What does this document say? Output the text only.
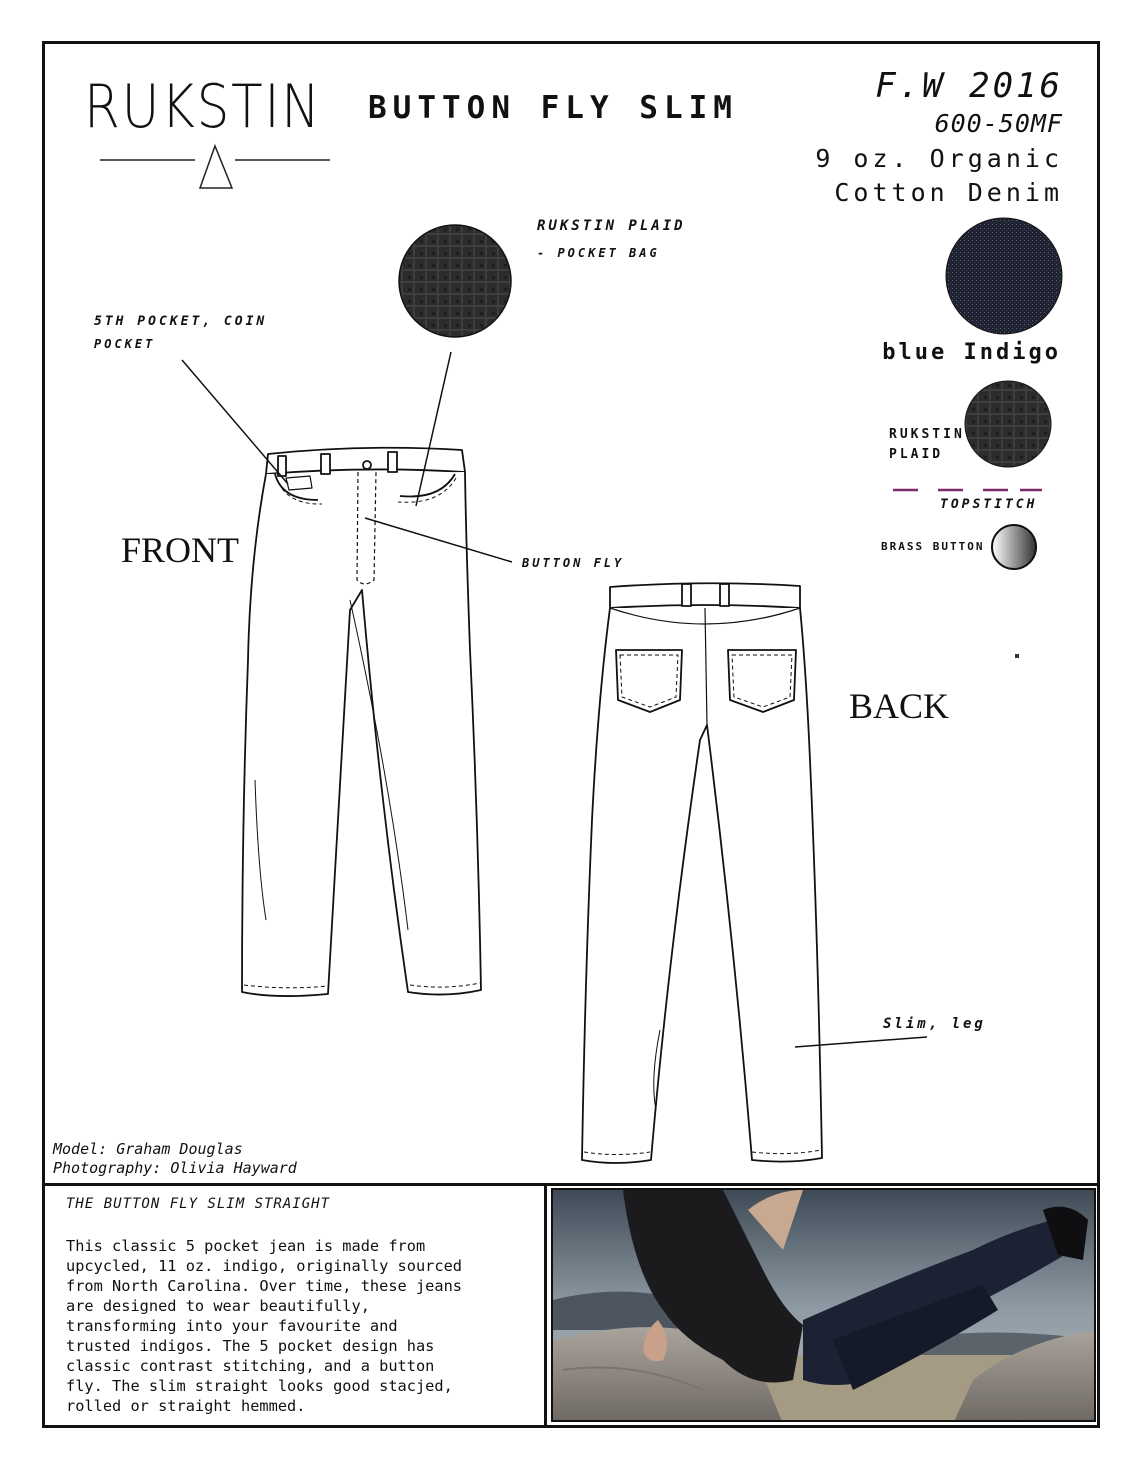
RUKSTIN BUTTON FLY SLIM
F.W 2016
600-50MF
9 oz. Organic
Cotton Denim
RUKSTIN PLAID
- POCKET BAG
5TH POCKET, COIN
POCKET
BUTTON FLY
Slim, leg
FRONT
BACK
blue Indigo
RUKSTIN
PLAID
TOPSTITCH
BRASS BUTTON
Model: Graham Douglas
Photography: Olivia Hayward
THE BUTTON FLY SLIM STRAIGHT
This classic 5 pocket jean is made from
upcycled, 11 oz. indigo, originally sourced
from North Carolina. Over time, these jeans
are designed to wear beautifully,
transforming into your favourite and
trusted indigos. The 5 pocket design has
classic contrast stitching, and a button
fly. The slim straight looks good stacjed,
rolled or straight hemmed.
